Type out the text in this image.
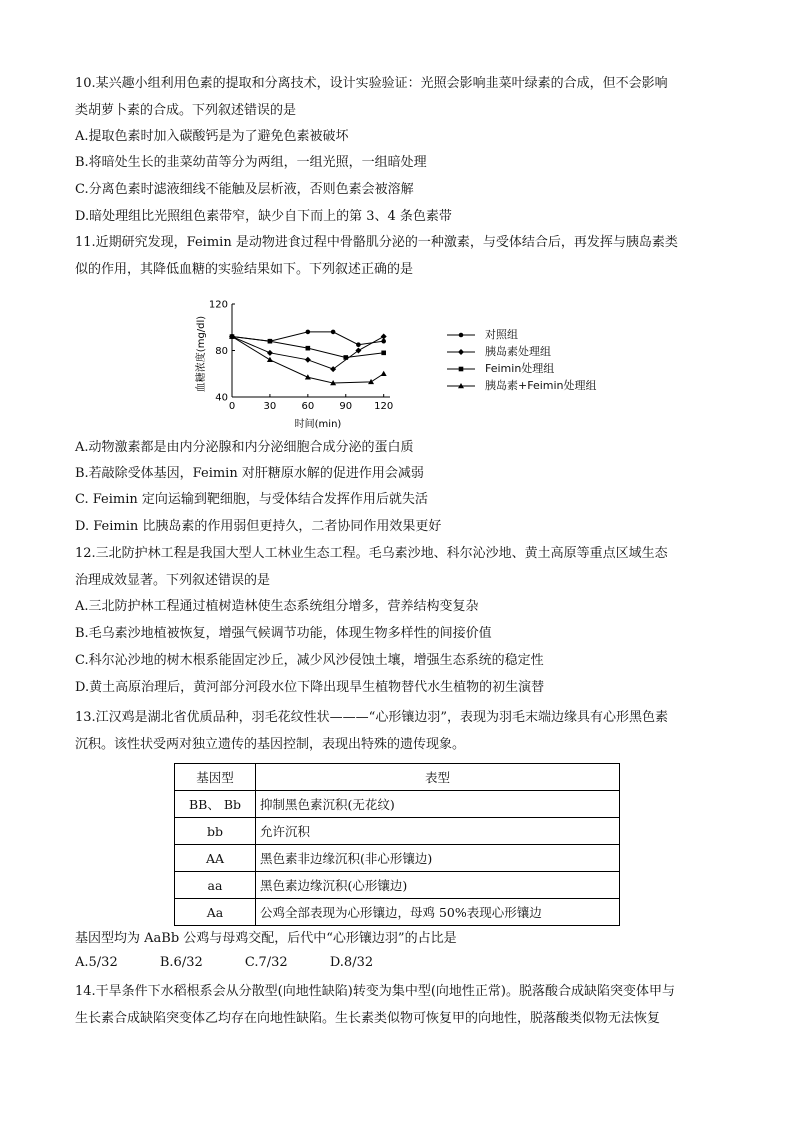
10.某兴趣小组利用色素的提取和分离技术，设计实验验证：光照会影响韭菜叶绿素的合成，但不会影响
类胡萝卜素的合成。下列叙述错误的是
A.提取色素时加入碳酸钙是为了避免色素被破坏
B.将暗处生长的韭菜幼苗等分为两组，一组光照，一组暗处理
C.分离色素时滤液细线不能触及层析液，否则色素会被溶解
D.暗处理组比光照组色素带窄，缺少自下而上的第 3、4 条色素带
11.近期研究发现，Feimin 是动物进食过程中骨骼肌分泌的一种激素，与受体结合后，再发挥与胰岛素类
似的作用，其降低血糖的实验结果如下。下列叙述正确的是
0	30	60	90 120
40
80
120
血糖浓度(mg/dl)
时间(min)
对照组
胰岛素处理组
Feimin处理组
胰岛素+Feimin处理组
A.动物激素都是由内分泌腺和内分泌细胞合成分泌的蛋白质
B.若敲除受体基因，Feimin 对肝糖原水解的促进作用会减弱
C. Feimin 定向运输到靶细胞，与受体结合发挥作用后就失活
D. Feimin 比胰岛素的作用弱但更持久，二者协同作用效果更好
12.三北防护林工程是我国大型人工林业生态工程。毛乌素沙地、科尔沁沙地、黄土高原等重点区域生态
治理成效显著。下列叙述错误的是
A.三北防护林工程通过植树造林使生态系统组分增多，营养结构变复杂
B.毛乌素沙地植被恢复，增强气候调节功能，体现生物多样性的间接价值
C.科尔沁沙地的树木根系能固定沙丘，减少风沙侵蚀土壤，增强生态系统的稳定性
D.黄土高原治理后，黄河部分河段水位下降出现旱生植物替代水生植物的初生演替
13.江汉鸡是湖北省优质品种，羽毛花纹性状———“心形镶边羽”，表现为羽毛末端边缘具有心形黑色素
沉积。该性状受两对独立遗传的基因控制，表现出特殊的遗传现象。
基因型	表型
BB、 Bb	抑制黑色素沉积(无花纹)
bb	允许沉积
AA	黑色素非边缘沉积(非心形镶边)
aa	黑色素边缘沉积(心形镶边)
Aa	公鸡全部表现为心形镶边，母鸡 50%表现心形镶边
基因型均为 AaBb 公鸡与母鸡交配，后代中“心形镶边羽”的占比是
A.5/32	B.6/32	C.7/32	D.8/32
14.干旱条件下水稻根系会从分散型(向地性缺陷)转变为集中型(向地性正常)。脱落酸合成缺陷突变体甲与
生长素合成缺陷突变体乙均存在向地性缺陷。生长素类似物可恢复甲的向地性，脱落酸类似物无法恢复
